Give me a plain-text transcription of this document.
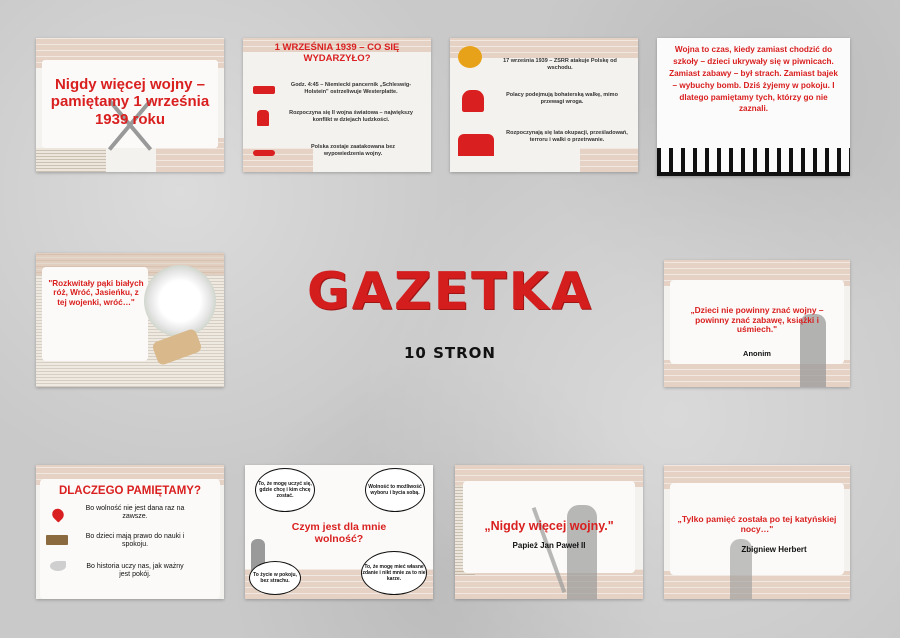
GAZETKA
10 STRON
Nigdy więcej wojny – pamiętamy 1 września 1939 roku
1 WRZEŚNIA 1939 – CO SIĘ WYDARZYŁO?
Godz. 4:45 – Niemiecki pancernik „Schleswig-Holstein" ostrzeliwuje Westerplatte.
Rozpoczyna się II wojna światowa – największy konflikt w dziejach ludzkości.
Polska zostaje zaatakowana bez wypowiedzenia wojny.
17 września 1939 – ZSRR atakuje Polskę od wschodu.
Polacy podejmują bohaterską walkę, mimo przewagi wroga.
Rozpoczynają się lata okupacji, prześladowań, terroru i walki o przetrwanie.
Wojna to czas, kiedy zamiast chodzić do szkoły – dzieci ukrywały się w piwnicach. Zamiast zabawy – był strach. Zamiast bajek – wybuchy bomb. Dziś żyjemy w pokoju. I dlatego pamiętamy tych, którzy go nie zaznali.
"Rozkwitały pąki białych róż, Wróć, Jasieńku, z tej wojenki, wróć…"
„Dzieci nie powinny znać wojny – powinny znać zabawę, książki i uśmiech."
Anonim
DLACZEGO PAMIĘTAMY?
Bo wolność nie jest dana raz na zawsze.
Bo dzieci mają prawo do nauki i spokoju.
Bo historia uczy nas, jak ważny jest pokój.
To, że mogę uczyć się, gdzie chcę i kim chcę zostać.
Wolność to możliwość wyboru i bycia sobą.
Czym jest dla mnie wolność?
To życie w pokoju, bez strachu.
To, że mogę mieć własne zdanie i nikt mnie za to nie karze.
„Nigdy więcej wojny."
Papież Jan Paweł II
„Tylko pamięć została po tej katyńskiej nocy…"
Zbigniew Herbert
